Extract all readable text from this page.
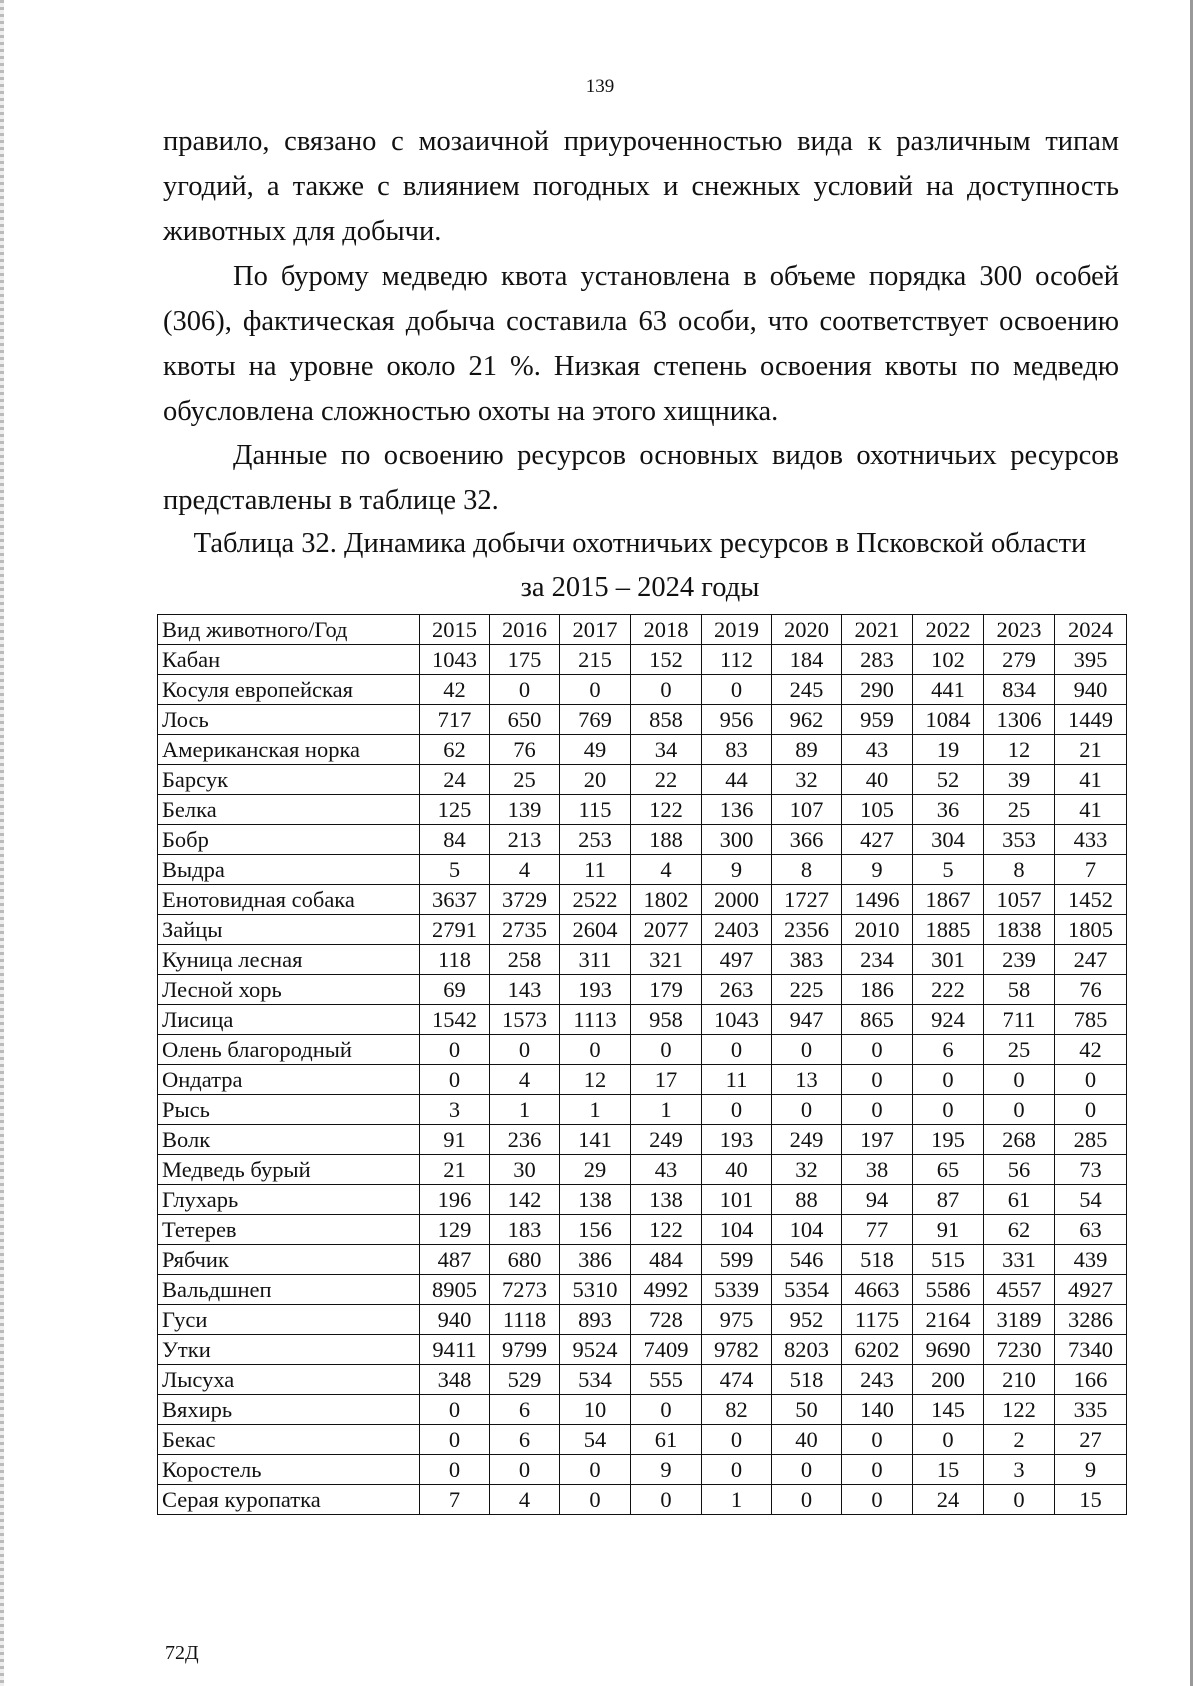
139

правило, связано с мозаичной приуроченностью вида к различным типам угодий, а также с влиянием погодных и снежных условий на доступность животных для добычи.

По бурому медведю квота установлена в объеме порядка 300 особей (306), фактическая добыча составила 63 особи, что соответствует освоению квоты на уровне около 21 %. Низкая степень освоения квоты по медведю обусловлена сложностью охоты на этого хищника.

Данные по освоению ресурсов основных видов охотничьих ресурсов представлены в таблице 32.

Таблица 32. Динамика добычи охотничьих ресурсов в Псковской области
за 2015 – 2024 годы
Вид животного/Год	2015	2016	2017	2018	2019	2020	2021	2022	2023	2024
Кабан	1043	175	215	152	112	184	283	102	279	395
Косуля европейская	42	0	0	0	0	245	290	441	834	940
Лось	717	650	769	858	956	962	959	1084	1306	1449
Американская норка	62	76	49	34	83	89	43	19	12	21
Барсук	24	25	20	22	44	32	40	52	39	41
Белка	125	139	115	122	136	107	105	36	25	41
Бобр	84	213	253	188	300	366	427	304	353	433
Выдра	5	4	11	4	9	8	9	5	8	7
Енотовидная собака	3637	3729	2522	1802	2000	1727	1496	1867	1057	1452
Зайцы	2791	2735	2604	2077	2403	2356	2010	1885	1838	1805
Куница лесная	118	258	311	321	497	383	234	301	239	247
Лесной хорь	69	143	193	179	263	225	186	222	58	76
Лисица	1542	1573	1113	958	1043	947	865	924	711	785
Олень благородный	0	0	0	0	0	0	0	6	25	42
Ондатра	0	4	12	17	11	13	0	0	0	0
Рысь	3	1	1	1	0	0	0	0	0	0
Волк	91	236	141	249	193	249	197	195	268	285
Медведь бурый	21	30	29	43	40	32	38	65	56	73
Глухарь	196	142	138	138	101	88	94	87	61	54
Тетерев	129	183	156	122	104	104	77	91	62	63
Рябчик	487	680	386	484	599	546	518	515	331	439
Вальдшнеп	8905	7273	5310	4992	5339	5354	4663	5586	4557	4927
Гуси	940	1118	893	728	975	952	1175	2164	3189	3286
Утки	9411	9799	9524	7409	9782	8203	6202	9690	7230	7340
Лысуха	348	529	534	555	474	518	243	200	210	166
Вяхирь	0	6	10	0	82	50	140	145	122	335
Бекас	0	6	54	61	0	40	0	0	2	27
Коростель	0	0	0	9	0	0	0	15	3	9
Серая куропатка	7	4	0	0	1	0	0	24	0	15
72Д
